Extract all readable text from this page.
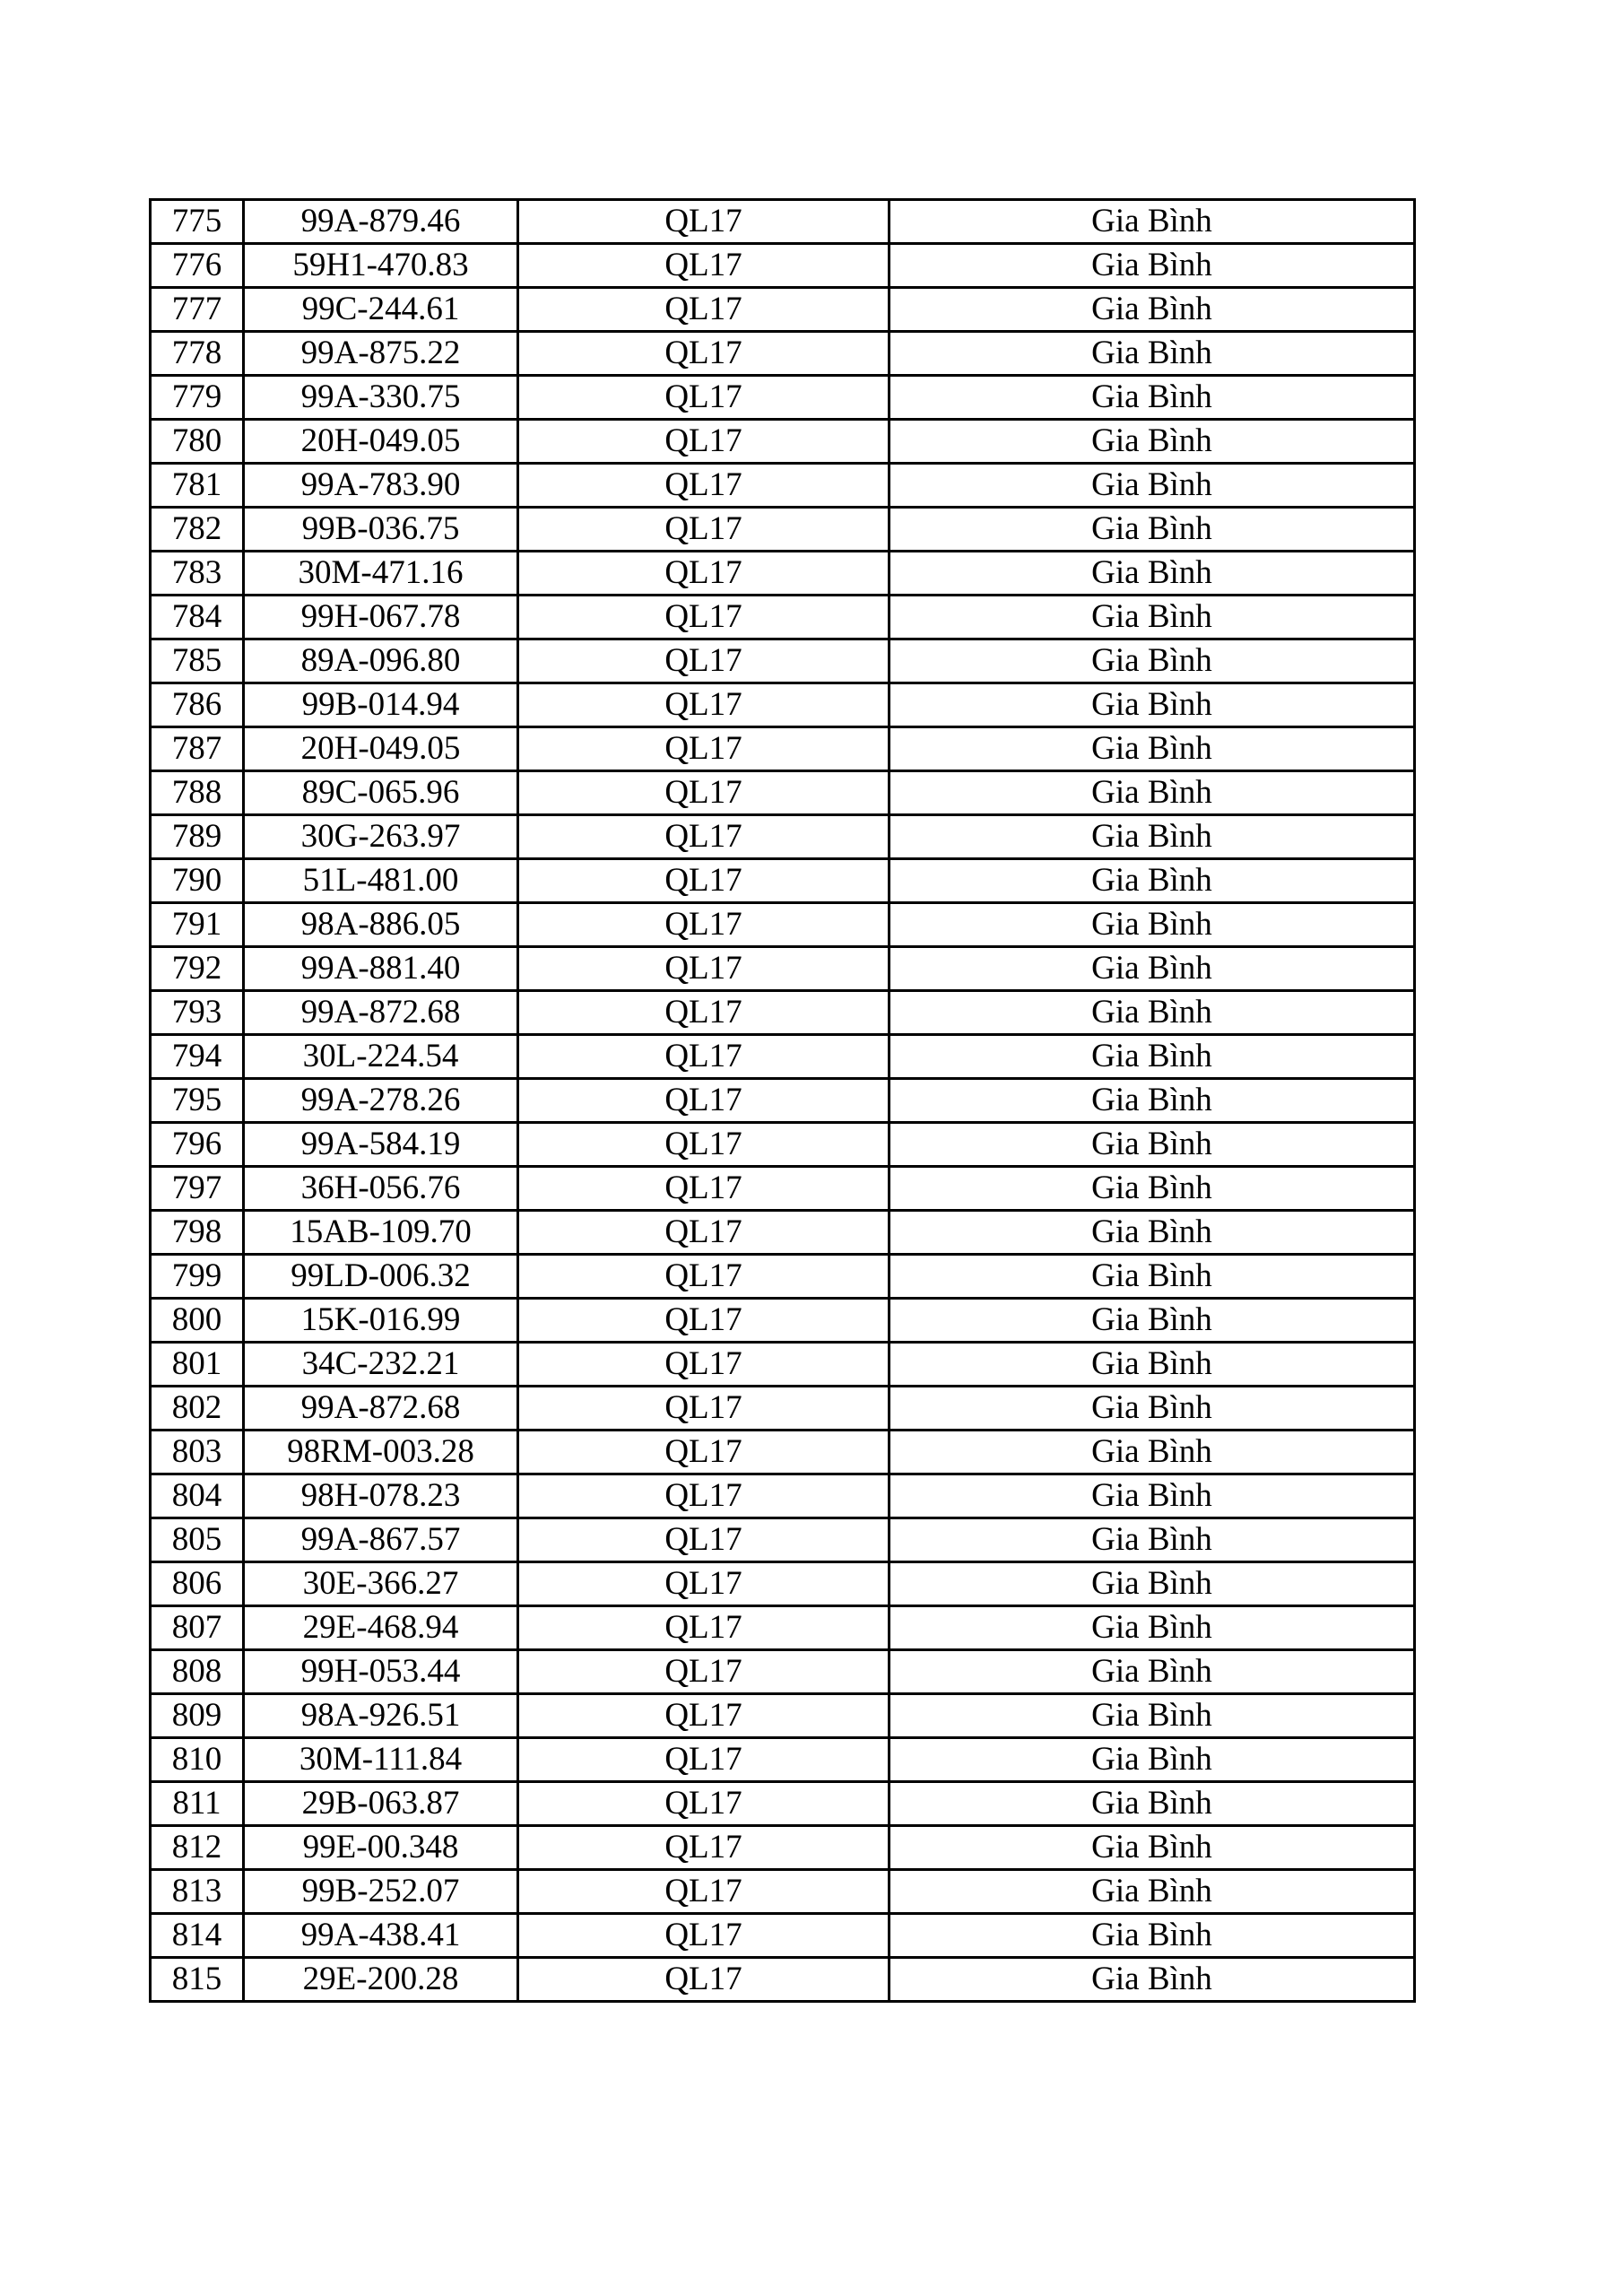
775	99A-879.46	QL17	Gia Bình
776	59H1-470.83	QL17	Gia Bình
777	99C-244.61	QL17	Gia Bình
778	99A-875.22	QL17	Gia Bình
779	99A-330.75	QL17	Gia Bình
780	20H-049.05	QL17	Gia Bình
781	99A-783.90	QL17	Gia Bình
782	99B-036.75	QL17	Gia Bình
783	30M-471.16	QL17	Gia Bình
784	99H-067.78	QL17	Gia Bình
785	89A-096.80	QL17	Gia Bình
786	99B-014.94	QL17	Gia Bình
787	20H-049.05	QL17	Gia Bình
788	89C-065.96	QL17	Gia Bình
789	30G-263.97	QL17	Gia Bình
790	51L-481.00	QL17	Gia Bình
791	98A-886.05	QL17	Gia Bình
792	99A-881.40	QL17	Gia Bình
793	99A-872.68	QL17	Gia Bình
794	30L-224.54	QL17	Gia Bình
795	99A-278.26	QL17	Gia Bình
796	99A-584.19	QL17	Gia Bình
797	36H-056.76	QL17	Gia Bình
798	15AB-109.70	QL17	Gia Bình
799	99LD-006.32	QL17	Gia Bình
800	15K-016.99	QL17	Gia Bình
801	34C-232.21	QL17	Gia Bình
802	99A-872.68	QL17	Gia Bình
803	98RM-003.28	QL17	Gia Bình
804	98H-078.23	QL17	Gia Bình
805	99A-867.57	QL17	Gia Bình
806	30E-366.27	QL17	Gia Bình
807	29E-468.94	QL17	Gia Bình
808	99H-053.44	QL17	Gia Bình
809	98A-926.51	QL17	Gia Bình
810	30M-111.84	QL17	Gia Bình
811	29B-063.87	QL17	Gia Bình
812	99E-00.348	QL17	Gia Bình
813	99B-252.07	QL17	Gia Bình
814	99A-438.41	QL17	Gia Bình
815	29E-200.28	QL17	Gia Bình
